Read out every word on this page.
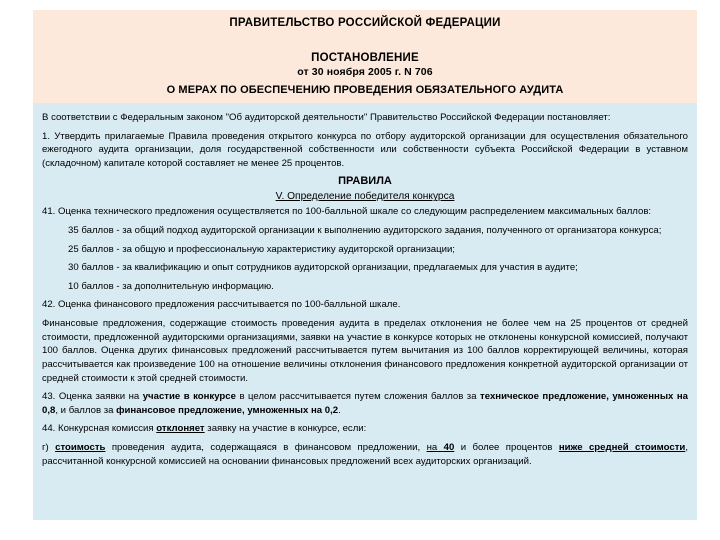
ПРАВИТЕЛЬСТВО РОССИЙСКОЙ ФЕДЕРАЦИИ
ПОСТАНОВЛЕНИЕ
от 30 ноября 2005 г. N 706
О МЕРАХ ПО ОБЕСПЕЧЕНИЮ ПРОВЕДЕНИЯ ОБЯЗАТЕЛЬНОГО АУДИТА

В соответствии с Федеральным законом "Об аудиторской деятельности" Правительство Российской Федерации постановляет:

1. Утвердить прилагаемые Правила проведения открытого конкурса по отбору аудиторской организации для осуществления обязательного ежегодного аудита организации, доля государственной собственности или собственности субъекта Российской Федерации в уставном (складочном) капитале которой составляет не менее 25 процентов.

ПРАВИЛА
V. Определение победителя конкурса

41. Оценка технического предложения осуществляется по 100-балльной шкале со следующим распределением максимальных баллов:

35 баллов - за общий подход аудиторской организации к выполнению аудиторского задания, полученного от организатора конкурса;

25 баллов - за общую и профессиональную характеристику аудиторской организации;

30 баллов - за квалификацию и опыт сотрудников аудиторской организации, предлагаемых для участия в аудите;

10 баллов - за дополнительную информацию.

42. Оценка финансового предложения рассчитывается по 100-балльной шкале.

Финансовые предложения, содержащие стоимость проведения аудита в пределах отклонения не более чем на 25 процентов от средней стоимости, предложенной аудиторскими организациями, заявки на участие в конкурсе которых не отклонены конкурсной комиссией, получают 100 баллов. Оценка других финансовых предложений рассчитывается путем вычитания из 100 баллов корректирующей величины, которая рассчитывается как произведение 100 на отношение величины отклонения финансового предложения конкретной аудиторской организации от средней стоимости к этой средней стоимости.

43. Оценка заявки на участие в конкурсе в целом рассчитывается путем сложения баллов за техническое предложение, умноженных на 0,8, и баллов за финансовое предложение, умноженных на 0,2.

44. Конкурсная комиссия отклоняет заявку на участие в конкурсе, если:

г) стоимость проведения аудита, содержащаяся в финансовом предложении, на 40 и более процентов ниже средней стоимости, рассчитанной конкурсной комиссией на основании финансовых предложений всех аудиторских организаций.
